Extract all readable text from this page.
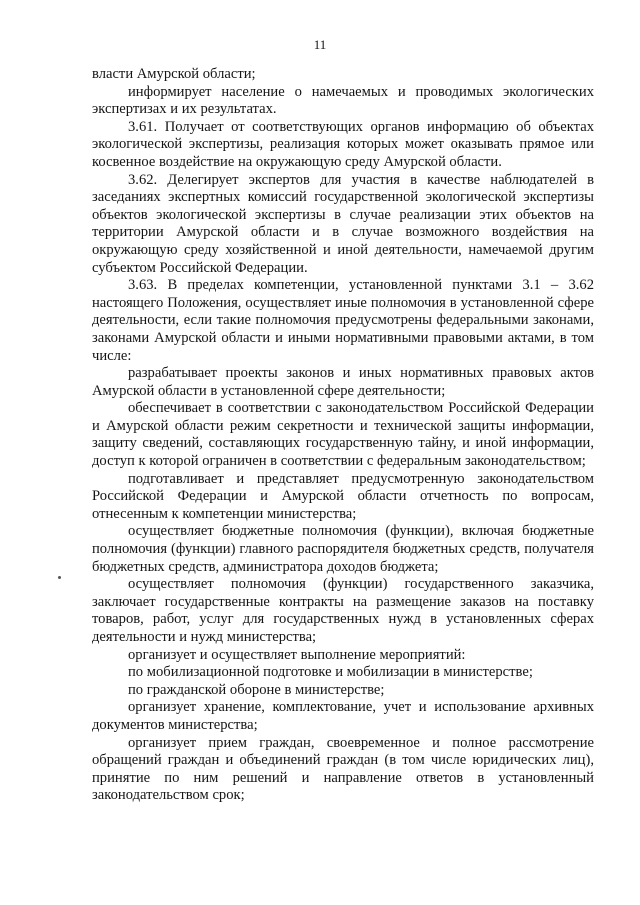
11

власти Амурской области;

информирует население о намечаемых и проводимых экологических экспертизах и их результатах.

3.61. Получает от соответствующих органов информацию об объектах экологической экспертизы, реализация которых может оказывать прямое или косвенное воздействие на окружающую среду Амурской области.

3.62. Делегирует экспертов для участия в качестве наблюдателей в заседаниях экспертных комиссий государственной экологической экспертизы объектов экологической экспертизы в случае реализации этих объектов на территории Амурской области и в случае возможного воздействия на окружающую среду хозяйственной и иной деятельности, намечаемой другим субъектом Российской Федерации.

3.63. В пределах компетенции, установленной пунктами 3.1 – 3.62 настоящего Положения, осуществляет иные полномочия в установленной сфере деятельности, если такие полномочия предусмотрены федеральными законами, законами Амурской области и иными нормативными правовыми актами, в том числе:

разрабатывает проекты законов и иных нормативных правовых актов Амурской области в установленной сфере деятельности;

обеспечивает в соответствии с законодательством Российской Федерации и Амурской области режим секретности и технической защиты информации, защиту сведений, составляющих государственную тайну, и иной информации, доступ к которой ограничен в соответствии с федеральным законодательством;

подготавливает и представляет предусмотренную законодательством Российской Федерации и Амурской области отчетность по вопросам, отнесенным к компетенции министерства;

осуществляет бюджетные полномочия (функции), включая бюджетные полномочия (функции) главного распорядителя бюджетных средств, получателя бюджетных средств, администратора доходов бюджета;

осуществляет полномочия (функции) государственного заказчика, заключает государственные контракты на размещение заказов на поставку товаров, работ, услуг для государственных нужд в установленных сферах деятельности и нужд министерства;

организует и осуществляет выполнение мероприятий:

по мобилизационной подготовке и мобилизации в министерстве;

по гражданской обороне в министерстве;

организует хранение, комплектование, учет и использование архивных документов министерства;

организует прием граждан, своевременное и полное рассмотрение обращений граждан и объединений граждан (в том числе юридических лиц), принятие по ним решений и направление ответов в установленный законодательством срок;
